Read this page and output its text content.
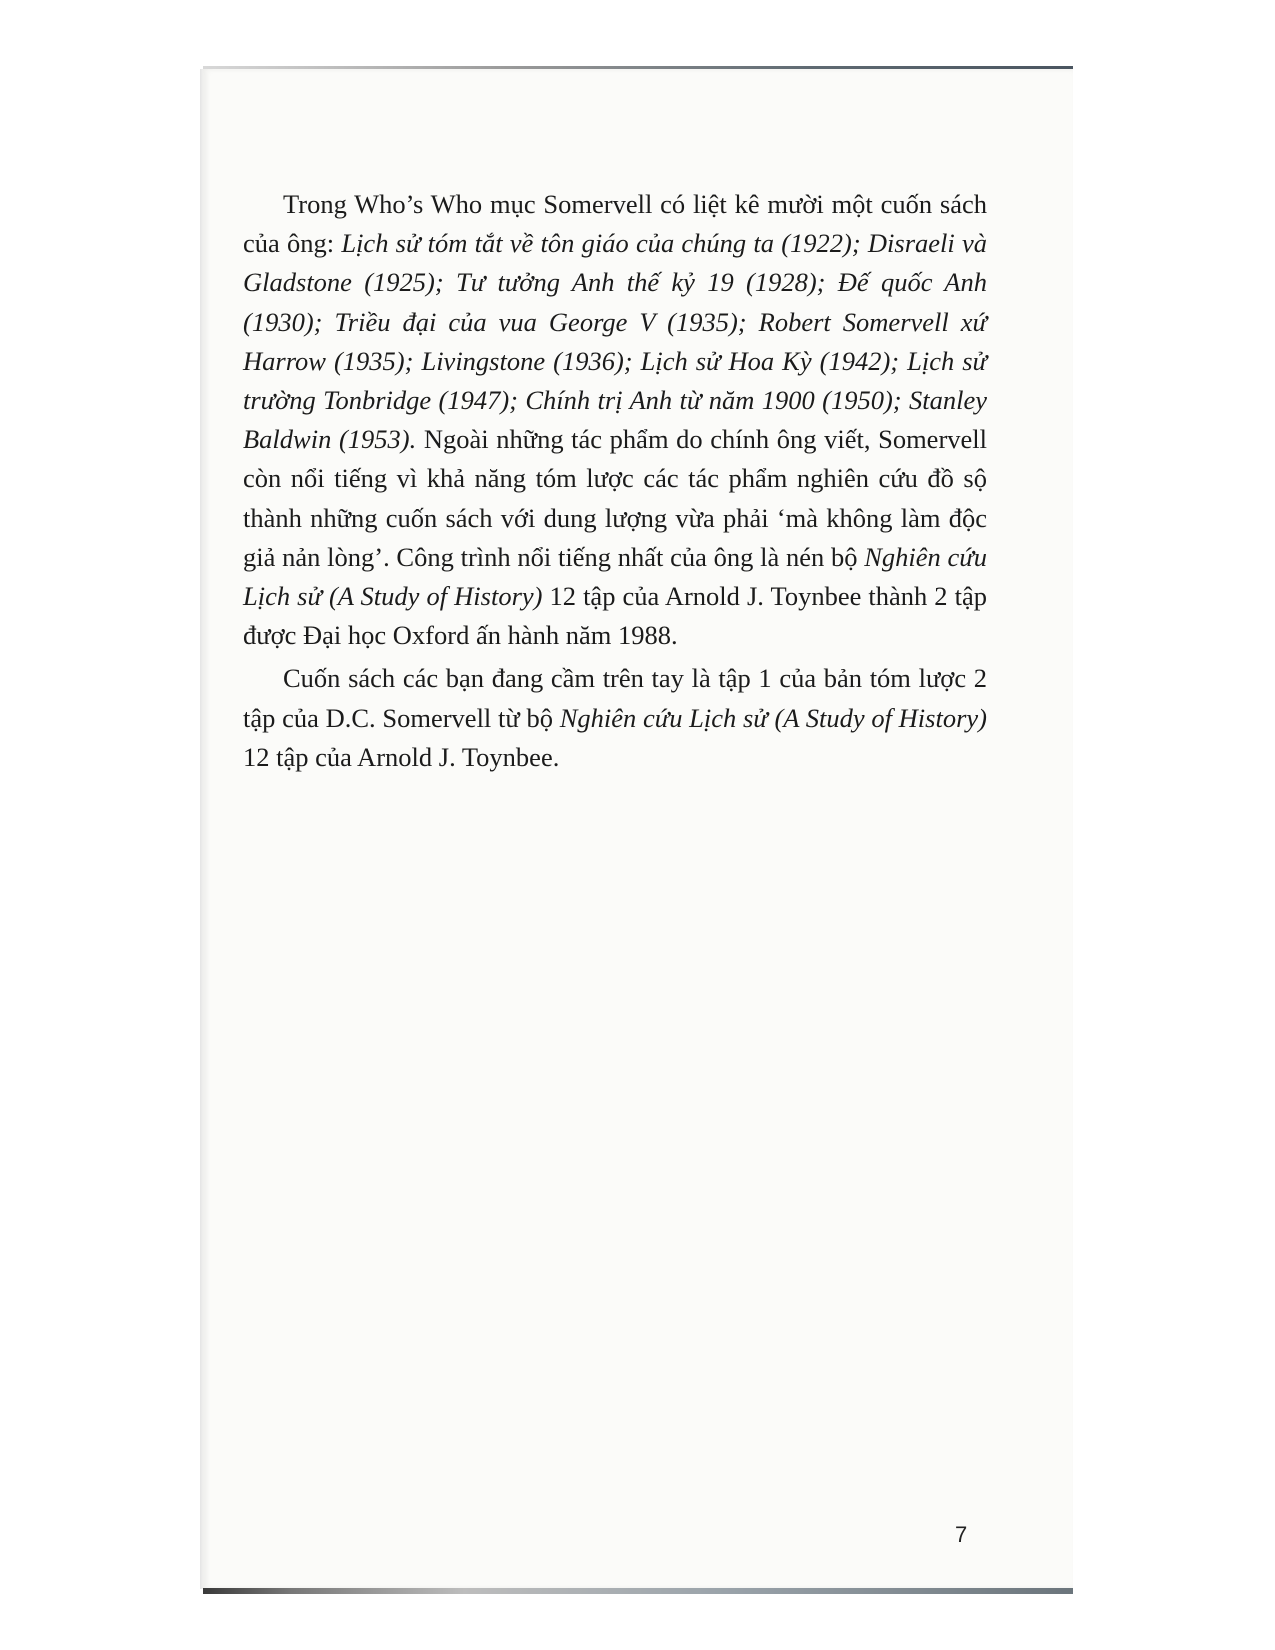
Trong Who’s Who mục Somervell có liệt kê mười một cuốn sách của ông: Lịch sử tóm tắt về tôn giáo của chúng ta (1922); Disraeli và Gladstone (1925); Tư tưởng Anh thế kỷ 19 (1928); Đế quốc Anh (1930); Triều đại của vua George V (1935); Robert Somervell xứ Harrow (1935); Livingstone (1936); Lịch sử Hoa Kỳ (1942); Lịch sử trường Tonbridge (1947); Chính trị Anh từ năm 1900 (1950); Stanley Baldwin (1953). Ngoài những tác phẩm do chính ông viết, Somervell còn nổi tiếng vì khả năng tóm lược các tác phẩm nghiên cứu đồ sộ thành những cuốn sách với dung lượng vừa phải ‘mà không làm độc giả nản lòng’. Công trình nổi tiếng nhất của ông là nén bộ Nghiên cứu Lịch sử (A Study of History) 12 tập của Arnold J. Toynbee thành 2 tập được Đại học Oxford ấn hành năm 1988.

Cuốn sách các bạn đang cầm trên tay là tập 1 của bản tóm lược 2 tập của D.C. Somervell từ bộ Nghiên cứu Lịch sử (A Study of History) 12 tập của Arnold J. Toynbee.

7
